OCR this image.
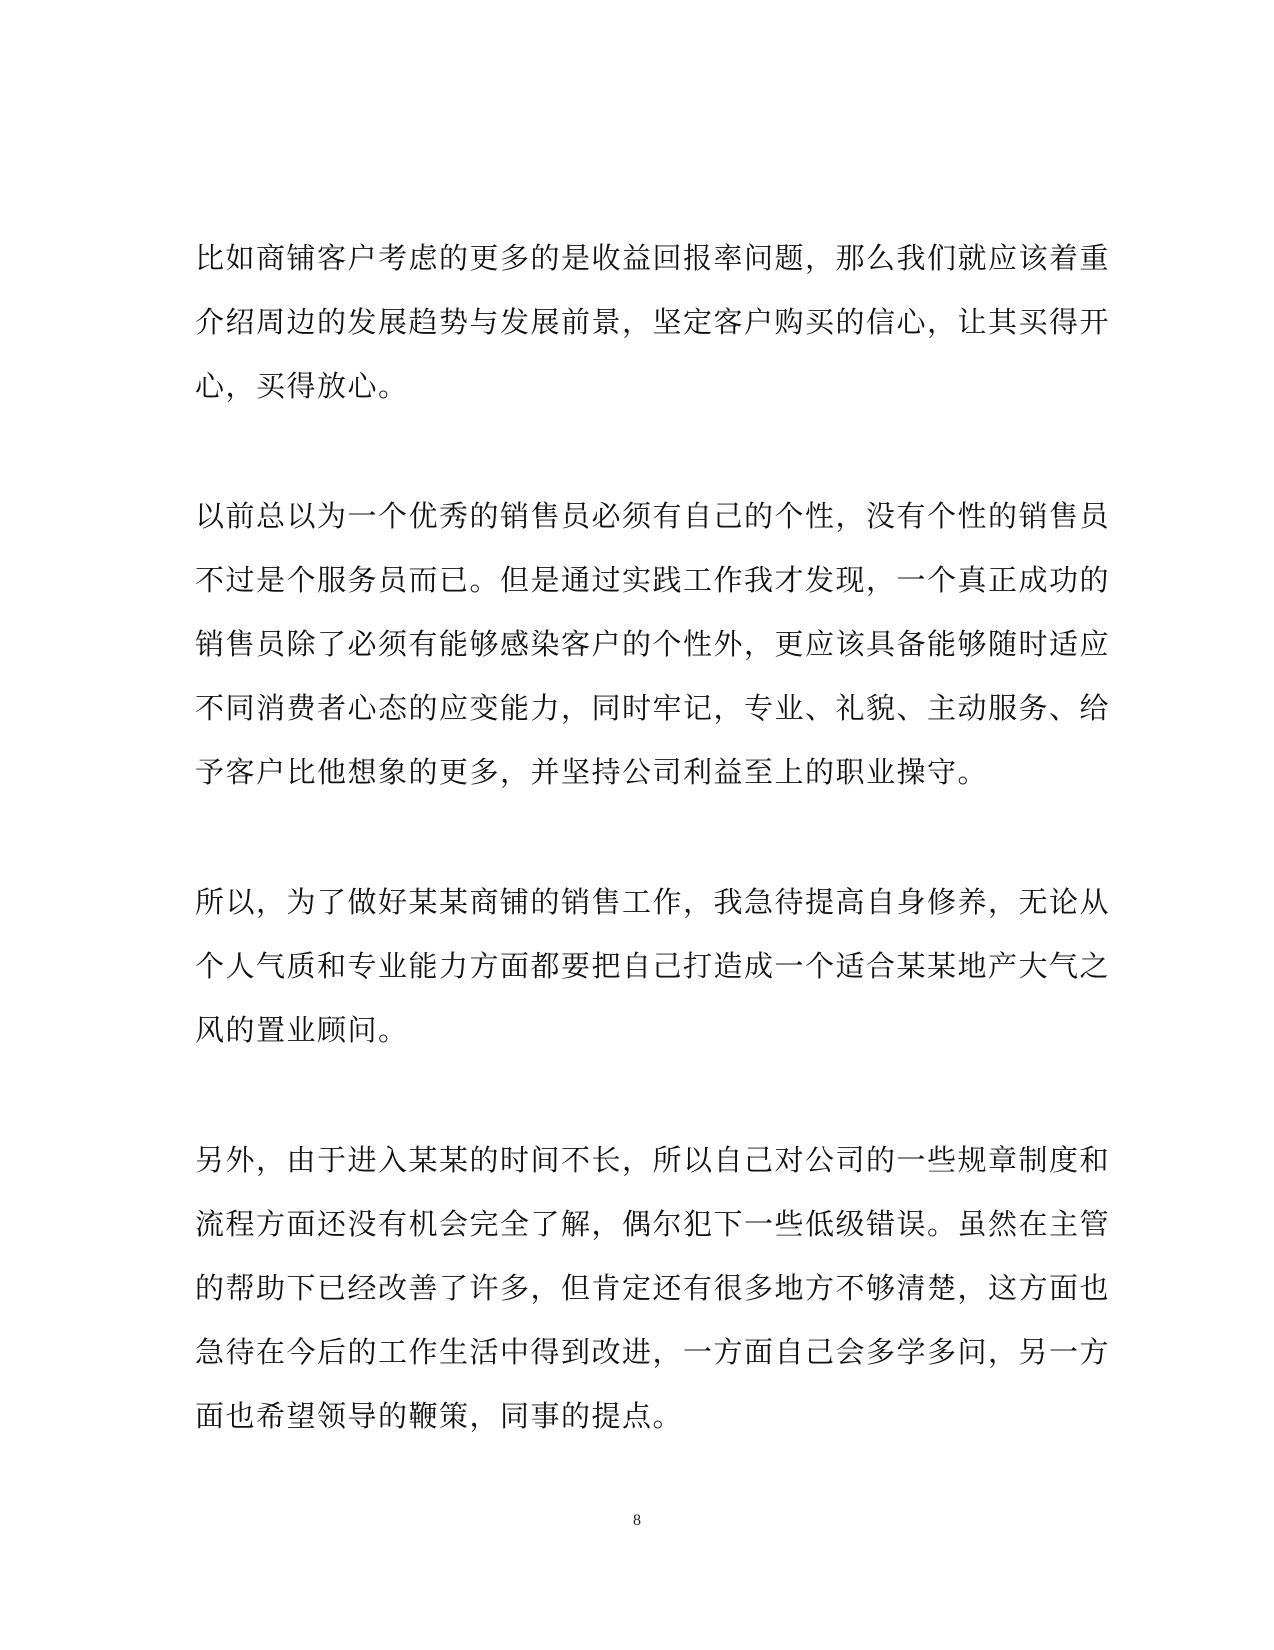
比如商铺客户考虑的更多的是收益回报率问题，那么我们就应该着重
介绍周边的发展趋势与发展前景，坚定客户购买的信心，让其买得开
心，买得放心。

以前总以为一个优秀的销售员必须有自己的个性，没有个性的销售员
不过是个服务员而已。但是通过实践工作我才发现，一个真正成功的
销售员除了必须有能够感染客户的个性外，更应该具备能够随时适应
不同消费者心态的应变能力，同时牢记，专业、礼貌、主动服务、给
予客户比他想象的更多，并坚持公司利益至上的职业操守。

所以，为了做好某某商铺的销售工作，我急待提高自身修养，无论从
个人气质和专业能力方面都要把自己打造成一个适合某某地产大气之
风的置业顾问。

另外，由于进入某某的时间不长，所以自己对公司的一些规章制度和
流程方面还没有机会完全了解，偶尔犯下一些低级错误。虽然在主管
的帮助下已经改善了许多，但肯定还有很多地方不够清楚，这方面也
急待在今后的工作生活中得到改进，一方面自己会多学多问，另一方
面也希望领导的鞭策，同事的提点。

8
